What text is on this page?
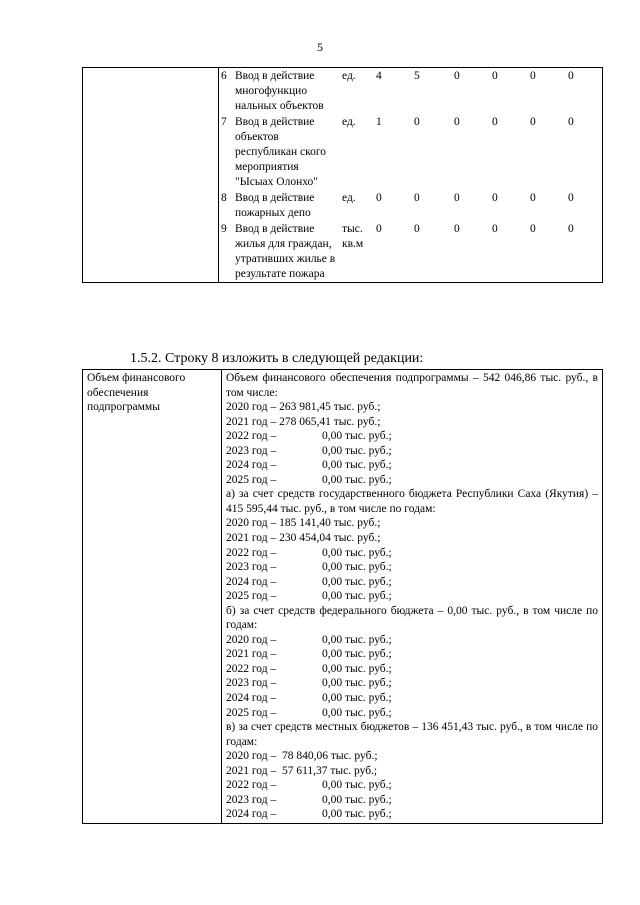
5
	6	Ввод в действие многофункцио нальных объектов	ед.	4	5	0	0	0	0
	7	Ввод в действие объектов республикан ского мероприятия "Ысыах Олонхо"	ед.	1	0	0	0	0	0
	8	Ввод в действие пожарных депо	ед.	0	0	0	0	0	0
	9	Ввод в действие жилья для граждан, утративших жилье в результате пожара	тыс. кв.м	0	0	0	0	0	0
1.5.2. Строку 8 изложить в следующей редакции:
Объем финансового обеспечения подпрограммы	
Объем финансового обеспечения подпрограммы – 542 046,86 тыс. руб., в том числе:
2020 год – 263 981,45 тыс. руб.;
2021 год – 278 065,41 тыс. руб.;
2022 год –	0,00 тыс. руб.;
2023 год –	0,00 тыс. руб.;
2024 год –	0,00 тыс. руб.;
2025 год –	0,00 тыс. руб.;
а) за счет средств государственного бюджета Республики Саха (Якутия) – 415 595,44 тыс. руб., в том числе по годам:
2020 год – 185 141,40 тыс. руб.;
2021 год – 230 454,04 тыс. руб.;
2022 год –	0,00 тыс. руб.;
2023 год –	0,00 тыс. руб.;
2024 год –	0,00 тыс. руб.;
2025 год –	0,00 тыс. руб.;
б) за счет средств федерального бюджета – 0,00 тыс. руб., в том числе по годам:
2020 год –	0,00 тыс. руб.;
2021 год –	0,00 тыс. руб.;
2022 год –	0,00 тыс. руб.;
2023 год –	0,00 тыс. руб.;
2024 год –	0,00 тыс. руб.;
2025 год –	0,00 тыс. руб.;
в) за счет средств местных бюджетов – 136 451,43 тыс. руб., в том числе по годам:
2020 год –  78 840,06 тыс. руб.;
2021 год –  57 611,37 тыс. руб.;
2022 год –	0,00 тыс. руб.;
2023 год –	0,00 тыс. руб.;
2024 год –	0,00 тыс. руб.;
